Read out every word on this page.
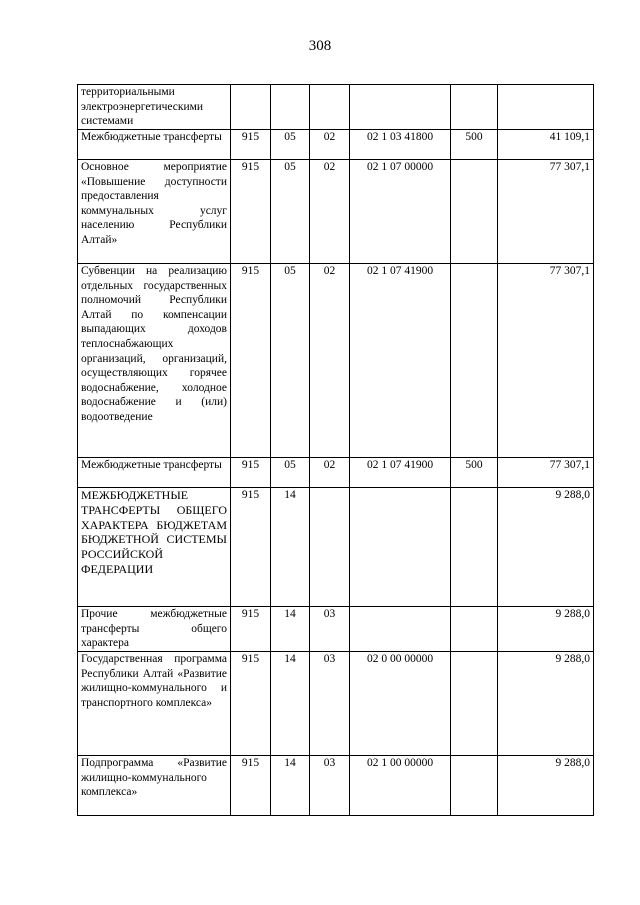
308
территориальными электроэнергетическими системами						
Межбюджетные трансферты	915	05	02	02 1 03 41800	500	41 109,1
Основное мероприятие «Повышение доступности предоставления коммунальных услуг населению Республики Алтай»	915	05	02	02 1 07 00000		77 307,1
Субвенции на реализацию отдельных государственных полномочий Республики Алтай по компенсации выпадающих доходов теплоснабжающих организаций, организаций, осуществляющих горячее водоснабжение, холодное водоснабжение и (или) водоотведение	915	05	02	02 1 07 41900		77 307,1
Межбюджетные трансферты	915	05	02	02 1 07 41900	500	77 307,1
МЕЖБЮДЖЕТНЫЕ ТРАНСФЕРТЫ ОБЩЕГО ХАРАКТЕРА БЮДЖЕТАМ БЮДЖЕТНОЙ СИСТЕМЫ РОССИЙСКОЙ ФЕДЕРАЦИИ	915	14				9 288,0
Прочие межбюджетные трансферты общего характера	915	14	03			9 288,0
Государственная программа Республики Алтай «Развитие жилищно-коммунального и транспортного комплекса»	915	14	03	02 0 00 00000		9 288,0
Подпрограмма «Развитие жилищно-коммунального комплекса»	915	14	03	02 1 00 00000		9 288,0
